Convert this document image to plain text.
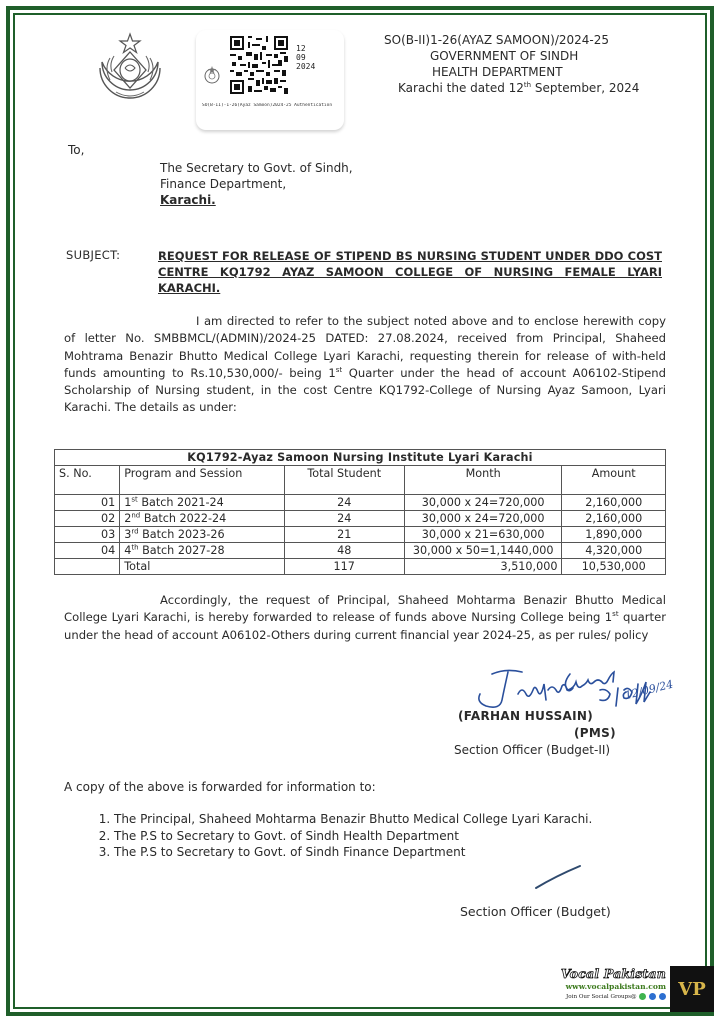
12
09
2024
SO(B-II)-1-26(Ayaz Samoon)2024-25 Authentication
SO(B-II)1-26(AYAZ SAMOON)/2024-25
GOVERNMENT OF SINDH
HEALTH DEPARTMENT
Karachi the dated 12th September, 2024
To,
The Secretary to Govt. of Sindh,
Finance Department,
Karachi.
SUBJECT:	REQUEST FOR RELEASE OF STIPEND BS NURSING STUDENT UNDER DDO COST CENTRE KQ1792 AYAZ SAMOON COLLEGE OF NURSING FEMALE LYARI KARACHI.
I am directed to refer to the subject noted above and to enclose herewith copy of letter No. SMBBMCL/(ADMIN)/2024-25 DATED: 27.08.2024, received from Principal, Shaheed Mohtrama Benazir Bhutto Medical College Lyari Karachi, requesting therein for release of with-held funds amounting to Rs.10,530,000/- being 1st Quarter under the head of account A06102-Stipend Scholarship of Nursing student, in the cost Centre KQ1792-College of Nursing Ayaz Samoon, Lyari Karachi. The details as under:
KQ1792-Ayaz Samoon Nursing Institute Lyari Karachi				
S. No.	Program and Session	Total Student	Month	Amount
01	1st Batch 2021-24	24	30,000 x 24=720,000	2,160,000
02	2nd Batch 2022-24	24	30,000 x 24=720,000	2,160,000
03	3rd Batch 2023-26	21	30,000 x 21=630,000	1,890,000
04	4th Batch 2027-28	48	30,000 x 50=1,1440,000	4,320,000
	Total	117	3,510,000	10,530,000
Accordingly, the request of Principal, Shaheed Mohtarma Benazir Bhutto Medical College Lyari Karachi, is hereby forwarded to release of funds above Nursing College being 1st quarter under the head of account A06102-Others during current financial year 2024-25, as per rules/ policy
12/09/24
(FARHAN HUSSAIN)
(PMS)
Section Officer (Budget-II)
A copy of the above is forwarded for information to:
1. The Principal, Shaheed Mohtarma Benazir Bhutto Medical College Lyari Karachi.
2. The P.S to Secretary to Govt. of Sindh Health Department
3. The P.S to Secretary to Govt. of Sindh Finance Department
Section Officer (Budget)
Vocal Pakistan
www.vocalpakistan.com
Join Our Social Groups@	VP
